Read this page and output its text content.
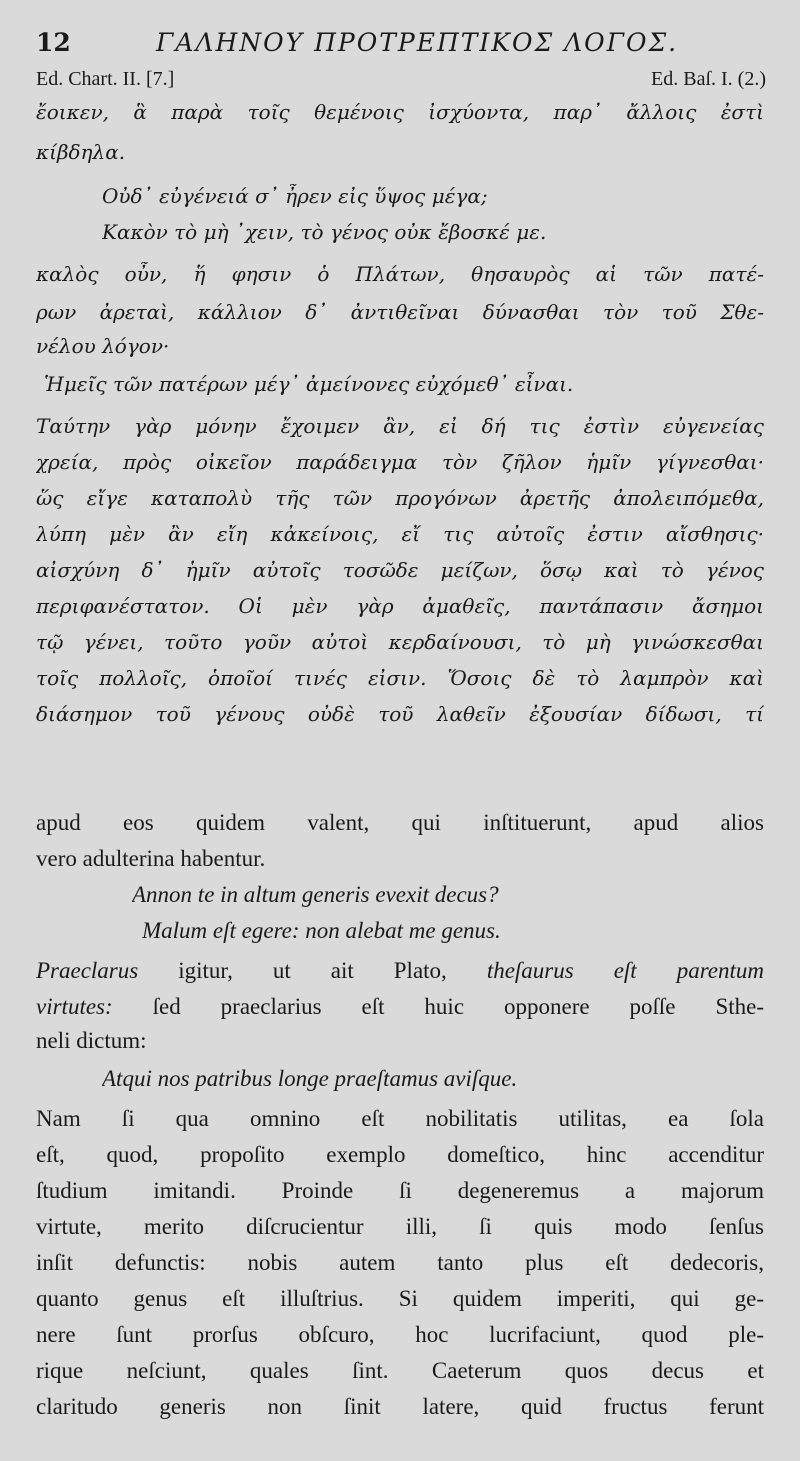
12	ΓΑΛΗΝΟΥ ΠΡΟΤΡΕΠΤΙΚΟΣ ΛΟΓΟΣ.
Ed. Chart. II. [7.]	Ed. Baſ. I. (2.)
ἔοικεν, ἃ παρὰ τοῖς θεμένοις ἰσχύοντα, παρ᾽ ἄλλοις ἐστὶ
κίβδηλα.
Οὐδ᾽ εὐγένειά σ᾽ ἦρεν εἰς ὕψος μέγα;
Κακὸν τὸ μὴ ᾿χειν, τὸ γένος οὐκ ἔβοσκέ με.
καλὸς οὖν, ἥ φησιν ὁ Πλάτων, θησαυρὸς αἱ τῶν πατέ-
ρων ἀρεταὶ, κάλλιον δ᾽ ἀντιθεῖναι δύνασθαι τὸν τοῦ Σθε-
νέλου λόγον·
Ἡμεῖς τῶν πατέρων μέγ᾽ ἀμείνονες εὐχόμεθ᾽ εἶναι.
Ταύτην γὰρ μόνην ἔχοιμεν ἂν, εἰ δή τις ἐστὶν εὐγενείας
χρεία, πρὸς οἰκεῖον παράδειγμα τὸν ζῆλον ἡμῖν γίγνεσθαι·
ὥς εἴγε καταπολὺ τῆς τῶν προγόνων ἀρετῆς ἀπολειπόμεθα,
λύπη μὲν ἂν εἴη κἀκείνοις, εἴ τις αὐτοῖς ἐστιν αἴσθησις·
αἰσχύνη δ᾽ ἡμῖν αὐτοῖς τοσῶδε μείζων, ὅσῳ καὶ τὸ γένος
περιφανέστατον. Οἱ μὲν γὰρ ἀμαθεῖς, παντάπασιν ἄσημοι
τῷ γένει, τοῦτο γοῦν αὐτοὶ κερδαίνουσι, τὸ μὴ γινώσκεσθαι
τοῖς πολλοῖς, ὁποῖοί τινές εἰσιν. Ὅσοις δὲ τὸ λαμπρὸν καὶ
διάσημον τοῦ γένους οὐδὲ τοῦ λαθεῖν ἐξουσίαν δίδωσι, τί
apud eos quidem valent, qui inſtituerunt, apud alios
vero adulterina habentur.
Annon te in altum generis evexit decus?
Malum eſt egere: non alebat me genus.
Praeclarus igitur, ut ait Plato, theſaurus eſt parentum
virtutes: ſed praeclarius eſt huic opponere poſſe Sthe-
neli dictum:
Atqui nos patribus longe praeſtamus aviſque.
Nam ſi qua omnino eſt nobilitatis utilitas, ea ſola
eſt, quod, propoſito exemplo domeſtico, hinc accenditur
ſtudium imitandi. Proinde ſi degeneremus a majorum
virtute, merito diſcrucientur illi, ſi quis modo ſenſus
inſit defunctis: nobis autem tanto plus eſt dedecoris,
quanto genus eſt illuſtrius. Si quidem imperiti, qui ge-
nere ſunt prorſus obſcuro, hoc lucrifaciunt, quod ple-
rique neſciunt, quales ſint. Caeterum quos decus et
claritudo generis non ſinit latere, quid fructus ferunt
